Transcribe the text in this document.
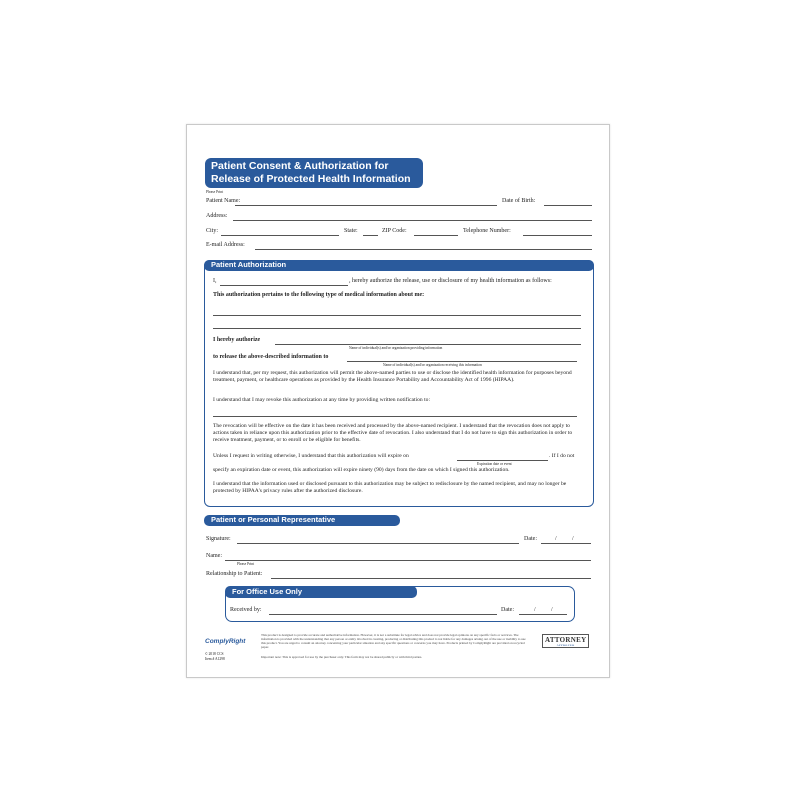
Patient Consent & Authorization for
Release of Protected Health Information
Please Print
Patient Name:	Date of Birth:
Address:
City:	State:	ZIP Code:	Telephone Number:
E-mail Address:
Patient Authorization
I,	, hereby authorize the release, use or disclosure of my health information as follows:
This authorization pertains to the following type of medical information about me:
I hereby authorize
Name of individual(s) and/or organization providing information
to release the above-described information to
Name of individual(s) and/or organization receiving this information
I understand that, per my request, this authorization will permit the above-named parties to use or disclose the identified health information for purposes beyond treatment, payment, or healthcare operations as provided by the Health Insurance Portability and Accountability Act of 1996 (HIPAA).
I understand that I may revoke this authorization at any time by providing written notification to:
The revocation will be effective on the date it has been received and processed by the above-named recipient. I understand that the revocation does not apply to actions taken in reliance upon this authorization prior to the effective date of revocation. I also understand that I do not have to sign this authorization in order to receive treatment, payment, or to enroll or be eligible for benefits.
Unless I request in writing otherwise, I understand that this authorization will expire on	. If I do not
Expiration date or event
specify an expiration date or event, this authorization will expire ninety (90) days from the date on which I signed this authorization.
I understand that the information used or disclosed pursuant to this authorization may be subject to redisclosure by the named recipient, and may no longer be protected by HIPAA's privacy rules after the authorized disclosure.
Patient or Personal Representative
Signature:	Date:	/	/
Name:
Please Print
Relationship to Patient:
For Office Use Only
Received by:	Date:	/	/
ComplyRight
© 2018 CCS
Item # A1298
This product is designed to provide accurate and authoritative information. However, it is not a substitute for legal advice and does not provide legal opinions on any specific facts or services. The information is provided with the understanding that any person or entity involved in creating, producing or distributing this product is not liable for any damages arising out of the use or inability to use this product. You are urged to consult an attorney concerning your particular situation and any specific questions or concerns you may have. Products printed by ComplyRight are provided on recycled paper.
Important note: This is approved for use by the purchaser only. This form may not be shared publicly or with third parties.
ATTORNEY
APPROVED
